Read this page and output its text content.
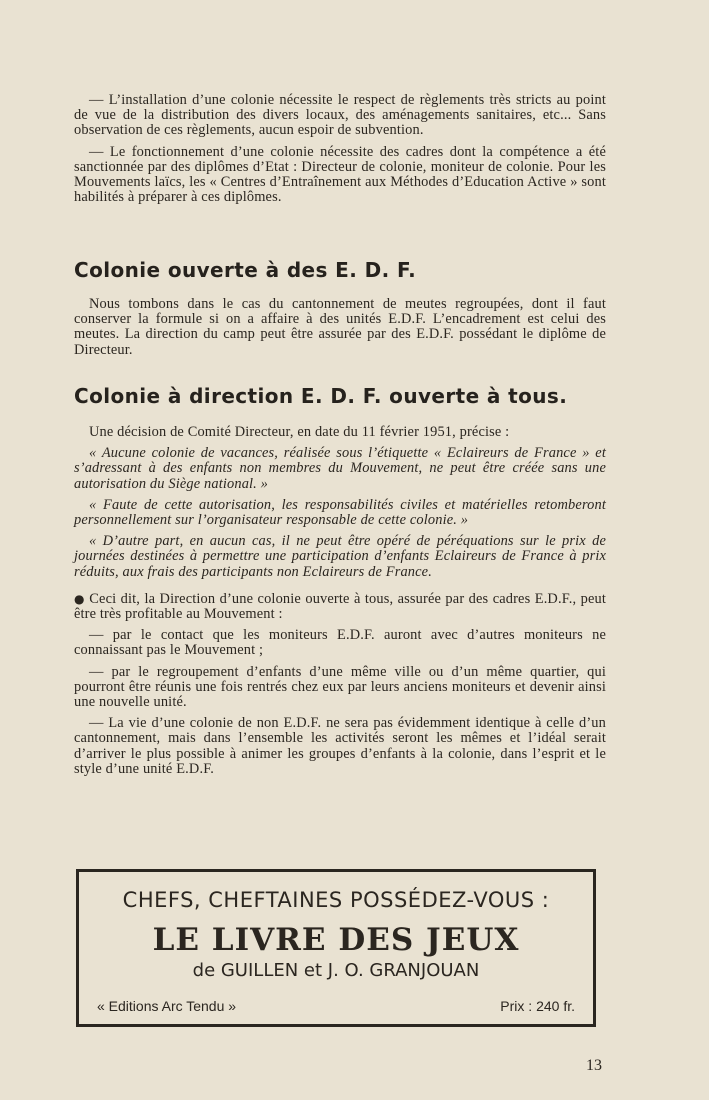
— L’installation d’une colonie nécessite le respect de règlements très stricts au point de vue de la distribution des divers locaux, des aménagements sanitaires, etc... Sans observation de ces règlements, aucun espoir de subvention.

— Le fonctionnement d’une colonie nécessite des cadres dont la compétence a été sanctionnée par des diplômes d’Etat : Directeur de colonie, moniteur de colonie. Pour les Mouvements laïcs, les « Centres d’Entraînement aux Méthodes d’Education Active » sont habilités à préparer à ces diplômes.

Colonie ouverte à des E. D. F.

Nous tombons dans le cas du cantonnement de meutes regroupées, dont il faut conserver la formule si on a affaire à des unités E.D.F. L’encadrement est celui des meutes. La direction du camp peut être assurée par des E.D.F. possédant le diplôme de Directeur.

Colonie à direction E. D. F. ouverte à tous.

Une décision de Comité Directeur, en date du 11 février 1951, précise :

« Aucune colonie de vacances, réalisée sous l’étiquette « Eclaireurs de France » et s’adressant à des enfants non membres du Mouvement, ne peut être créée sans une autorisation du Siège national. »

« Faute de cette autorisation, les responsabilités civiles et matérielles retomberont personnellement sur l’organisateur responsable de cette colonie. »

« D’autre part, en aucun cas, il ne peut être opéré de péréquations sur le prix de journées destinées à permettre une participation d’enfants Eclaireurs de France à prix réduits, aux frais des participants non Eclaireurs de France.

● Ceci dit, la Direction d’une colonie ouverte à tous, assurée par des cadres E.D.F., peut être très profitable au Mouvement :

— par le contact que les moniteurs E.D.F. auront avec d’autres moniteurs ne connaissant pas le Mouvement ;

— par le regroupement d’enfants d’une même ville ou d’un même quartier, qui pourront être réunis une fois rentrés chez eux par leurs anciens moniteurs et devenir ainsi une nouvelle unité.

— La vie d’une colonie de non E.D.F. ne sera pas évidemment identique à celle d’un cantonnement, mais dans l’ensemble les activités seront les mêmes et l’idéal serait d’arriver le plus possible à animer les groupes d’enfants à la colonie, dans l’esprit et le style d’une unité E.D.F.

CHEFS, CHEFTAINES POSSÉDEZ-VOUS :
LE LIVRE DES JEUX
de GUILLEN et J. O. GRANJOUAN
« Editions Arc Tendu »	Prix : 240 fr.
13
